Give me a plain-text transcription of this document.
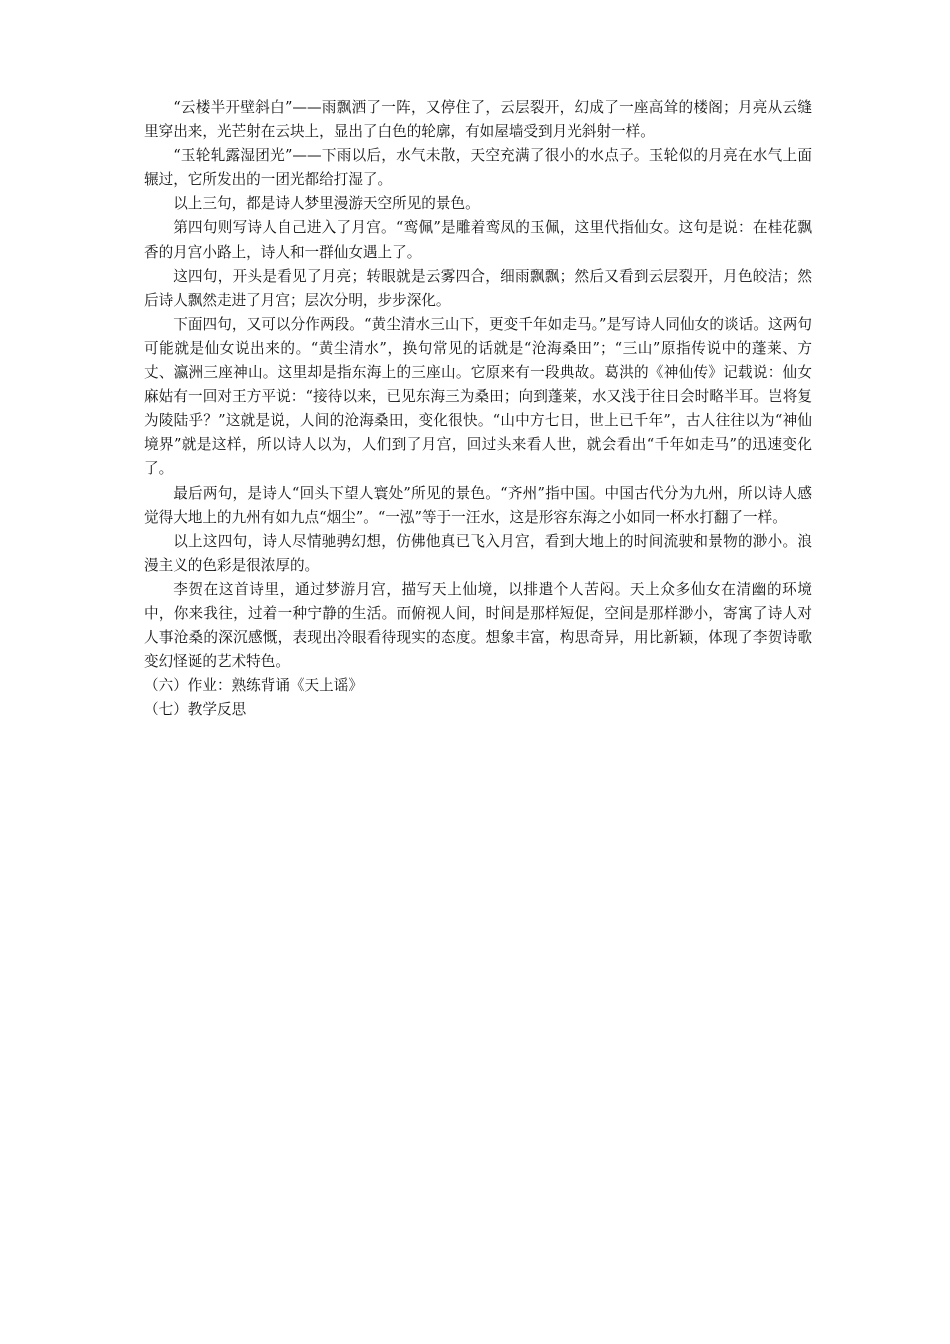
“云楼半开壁斜白”——雨飘洒了一阵，又停住了，云层裂开，幻成了一座高耸的楼阁；月亮从云缝里穿出来，光芒射在云块上，显出了白色的轮廓，有如屋墙受到月光斜射一样。

“玉轮轧露湿团光”——下雨以后，水气未散，天空充满了很小的水点子。玉轮似的月亮在水气上面辗过，它所发出的一团光都给打湿了。

以上三句，都是诗人梦里漫游天空所见的景色。

第四句则写诗人自己进入了月宫。“鸾佩”是雕着鸾凤的玉佩，这里代指仙女。这句是说：在桂花飘香的月宫小路上，诗人和一群仙女遇上了。

这四句，开头是看见了月亮；转眼就是云雾四合，细雨飘飘；然后又看到云层裂开，月色皎洁；然后诗人飘然走进了月宫；层次分明，步步深化。

下面四句，又可以分作两段。“黄尘清水三山下，更变千年如走马。”是写诗人同仙女的谈话。这两句可能就是仙女说出来的。“黄尘清水”，换句常见的话就是“沧海桑田”；“三山”原指传说中的蓬莱、方丈、瀛洲三座神山。这里却是指东海上的三座山。它原来有一段典故。葛洪的《神仙传》记载说：仙女麻姑有一回对王方平说：“接待以来，已见东海三为桑田；向到蓬莱，水又浅于往日会时略半耳。岂将复为陵陆乎？”这就是说，人间的沧海桑田，变化很快。“山中方七日，世上已千年”，古人往往以为“神仙境界”就是这样，所以诗人以为，人们到了月宫，回过头来看人世，就会看出“千年如走马”的迅速变化了。

最后两句，是诗人“回头下望人寰处”所见的景色。“齐州”指中国。中国古代分为九州，所以诗人感觉得大地上的九州有如九点“烟尘”。“一泓”等于一汪水，这是形容东海之小如同一杯水打翻了一样。

以上这四句，诗人尽情驰骋幻想，仿佛他真已飞入月宫，看到大地上的时间流驶和景物的渺小。浪漫主义的色彩是很浓厚的。

李贺在这首诗里，通过梦游月宫，描写天上仙境，以排遣个人苦闷。天上众多仙女在清幽的环境中，你来我往，过着一种宁静的生活。而俯视人间，时间是那样短促，空间是那样渺小，寄寓了诗人对人事沧桑的深沉感慨，表现出冷眼看待现实的态度。想象丰富，构思奇异，用比新颖，体现了李贺诗歌变幻怪诞的艺术特色。

（六）作业：熟练背诵《天上谣》

（七）教学反思
